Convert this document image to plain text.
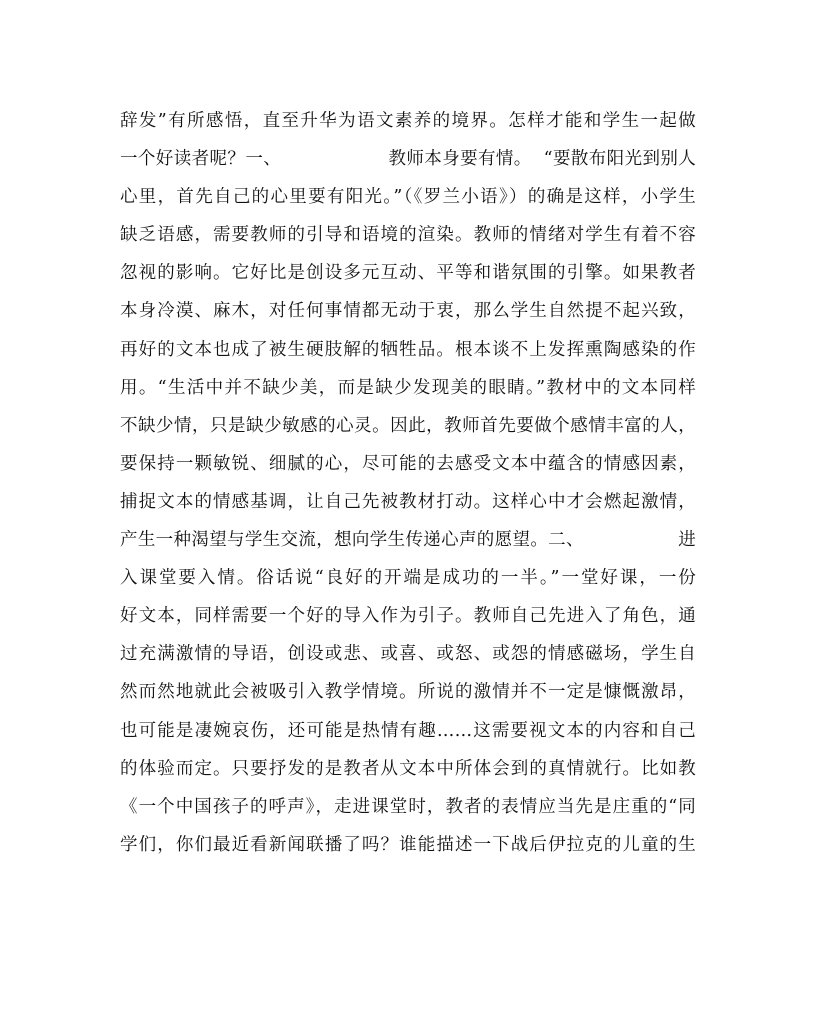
辞发”有所感悟，直至升华为语文素养的境界。怎样才能和学生一起做
一个好读者呢？一、                  教师本身要有情。  “要散布阳光到别人
心里，首先自己的心里要有阳光。”（《罗兰小语》）的确是这样，小学生
缺乏语感，需要教师的引导和语境的渲染。教师的情绪对学生有着不容
忽视的影响。它好比是创设多元互动、平等和谐氛围的引擎。如果教者
本身冷漠、麻木，对任何事情都无动于衷，那么学生自然提不起兴致，
再好的文本也成了被生硬肢解的牺牲品。根本谈不上发挥熏陶感染的作
用。“生活中并不缺少美，而是缺少发现美的眼睛。”教材中的文本同样
不缺少情，只是缺少敏感的心灵。因此，教师首先要做个感情丰富的人，
要保持一颗敏锐、细腻的心，尽可能的去感受文本中蕴含的情感因素，
捕捉文本的情感基调，让自己先被教材打动。这样心中才会燃起激情，
产生一种渴望与学生交流，想向学生传递心声的愿望。二、                进
入课堂要入情。俗话说“良好的开端是成功的一半。”一堂好课，一份
好文本，同样需要一个好的导入作为引子。教师自己先进入了角色，通
过充满激情的导语，创设或悲、或喜、或怒、或怨的情感磁场，学生自
然而然地就此会被吸引入教学情境。所说的激情并不一定是慷慨激昂，
也可能是凄婉哀伤，还可能是热情有趣……这需要视文本的内容和自己
的体验而定。只要抒发的是教者从文本中所体会到的真情就行。比如教
《一个中国孩子的呼声》，走进课堂时，教者的表情应当先是庄重的“同
学们，你们最近看新闻联播了吗？谁能描述一下战后伊拉克的儿童的生
